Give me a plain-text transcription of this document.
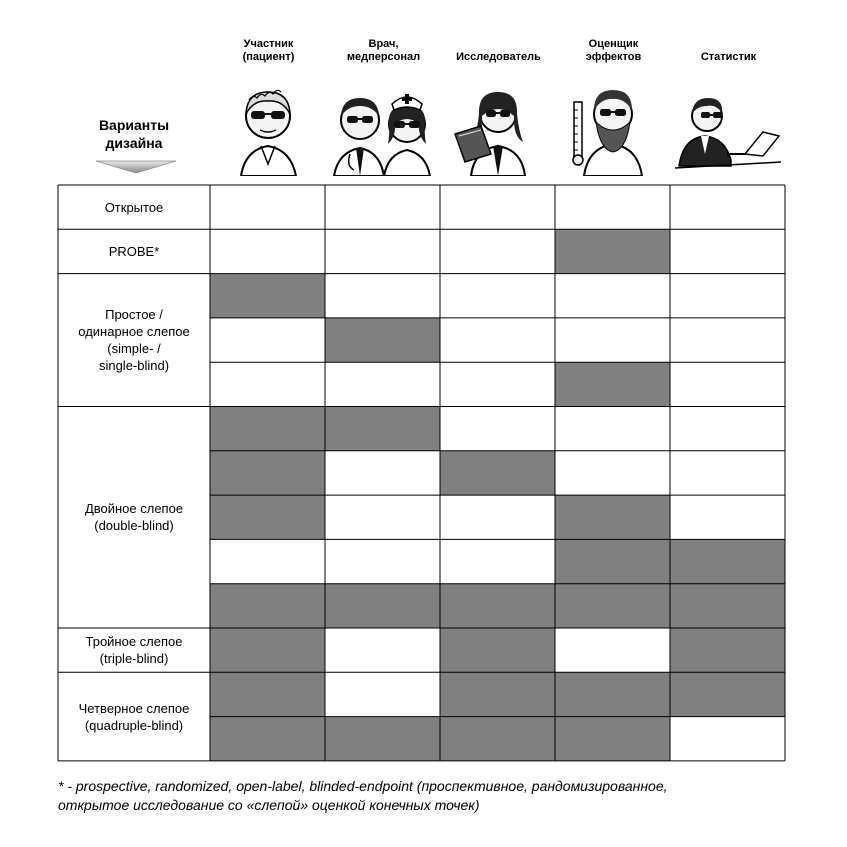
Участник
(пациент)
Врач,
медперсонал	Исследователь
Оценщик
эффектов	Статистик
Варианты
дизайна
Открытое
PROBE*
Простое /
одинарное слепое
(simple- /
single-blind)
Двойное слепое
(double-blind)
Тройное слепое
(triple-blind)
Четверное слепое
(quadruple-blind)
* - prospective, randomized, open-label, blinded-endpoint (проспективное, рандомизированное,
открытое исследование со «слепой» оценкой конечных точек)
